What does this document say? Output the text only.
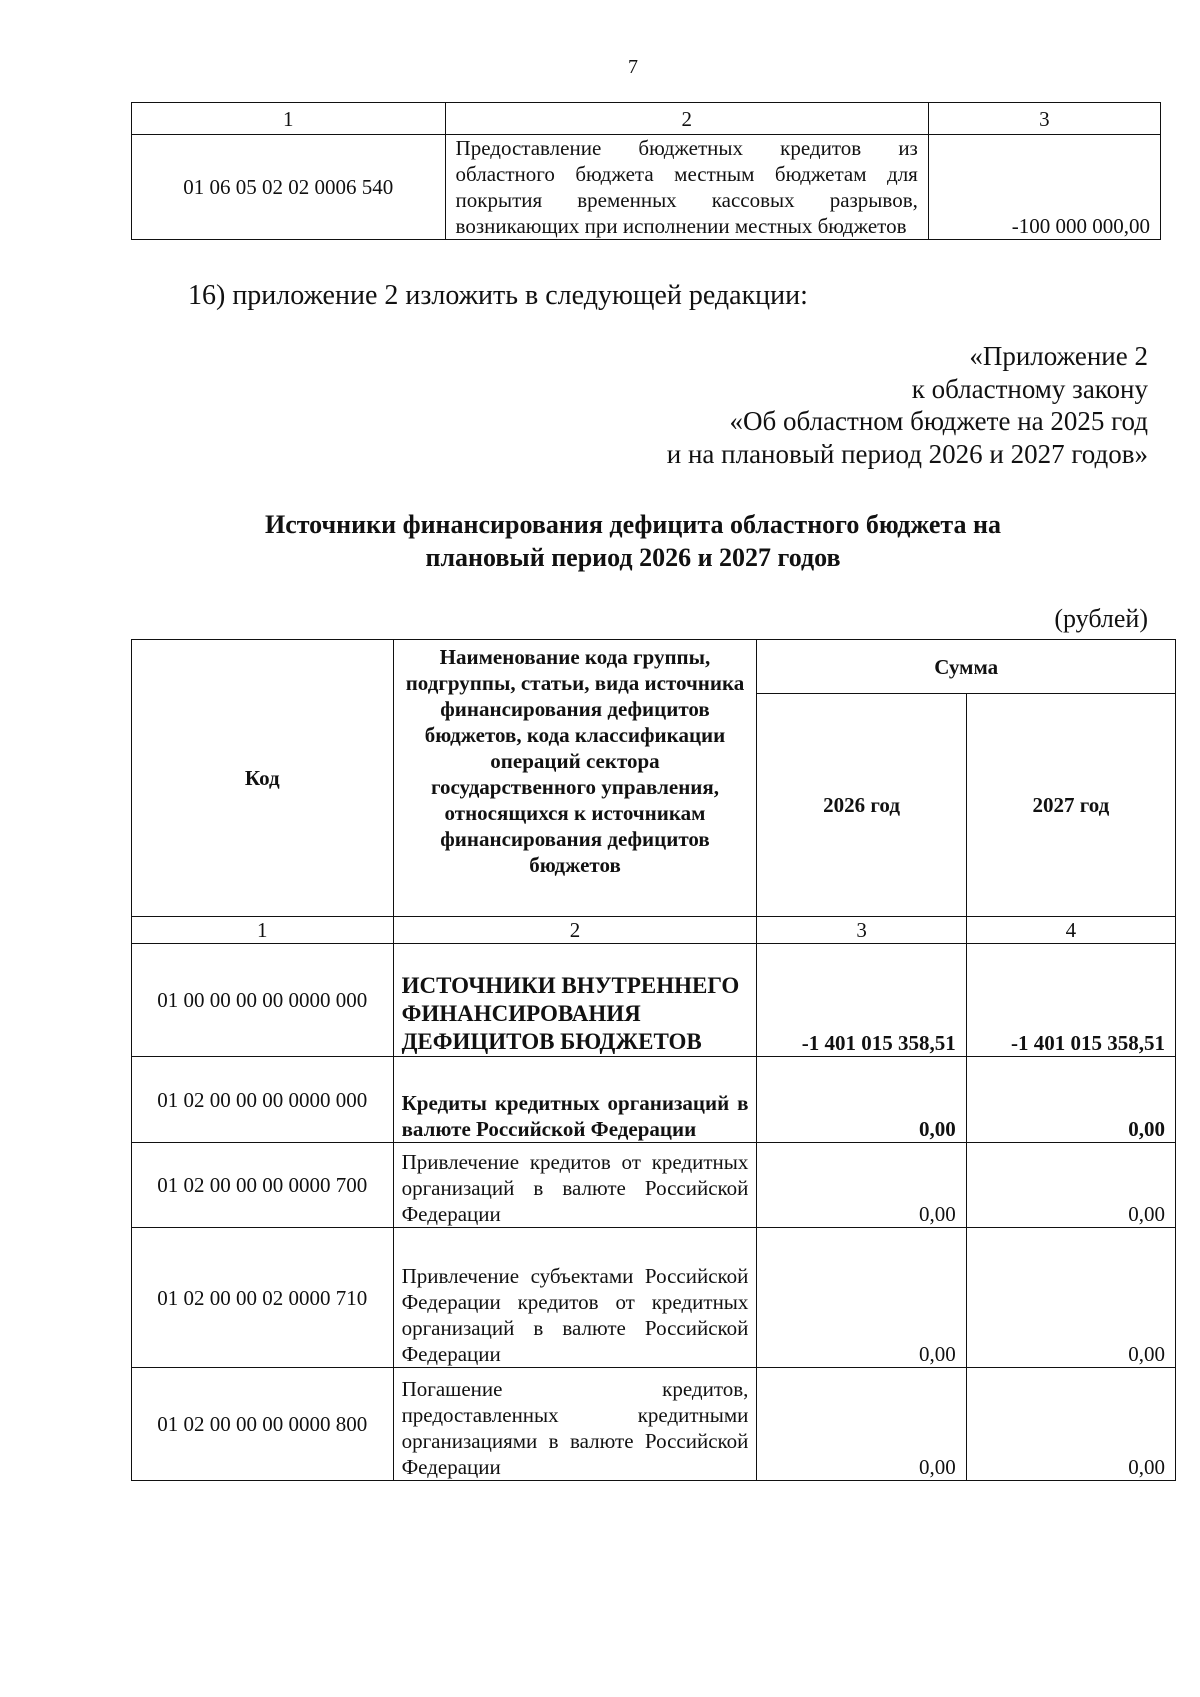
7
1	2	3
01 06 05 02 02 0006 540	Предоставление бюджетных кредитов из областного бюджета местным бюджетам для покрытия временных кассовых разрывов, возникающих при исполнении местных бюджетов	-100 000 000,00
16) приложение 2 изложить в следующей редакции:
«Приложение 2
к областному закону
«Об областном бюджете на 2025 год
и на плановый период 2026 и 2027 годов»
Источники финансирования дефицита областного бюджета на
плановый период 2026 и 2027 годов
(рублей)
Код	Наименование кода группы, подгруппы, статьи, вида источника финансирования дефицитов бюджетов, кода классификации операций сектора государственного управления, относящихся к источникам финансирования дефицитов бюджетов	Сумма	
		2026 год	2027 год
1	2	3	4
01 00 00 00 00 0000 000	ИСТОЧНИКИ ВНУТРЕННЕГО ФИНАНСИРОВАНИЯ ДЕФИЦИТОВ БЮДЖЕТОВ	-1 401 015 358,51	-1 401 015 358,51
01 02 00 00 00 0000 000	Кредиты кредитных организаций в валюте Российской Федерации	0,00	0,00
01 02 00 00 00 0000 700	Привлечение кредитов от кредитных организаций в валюте Российской Федерации	0,00	0,00
01 02 00 00 02 0000 710	Привлечение субъектами Российской Федерации кредитов от кредитных организаций в валюте Российской Федерации	0,00	0,00
01 02 00 00 00 0000 800	Погашение кредитов, предоставленных кредитными организациями в валюте Российской Федерации	0,00	0,00
